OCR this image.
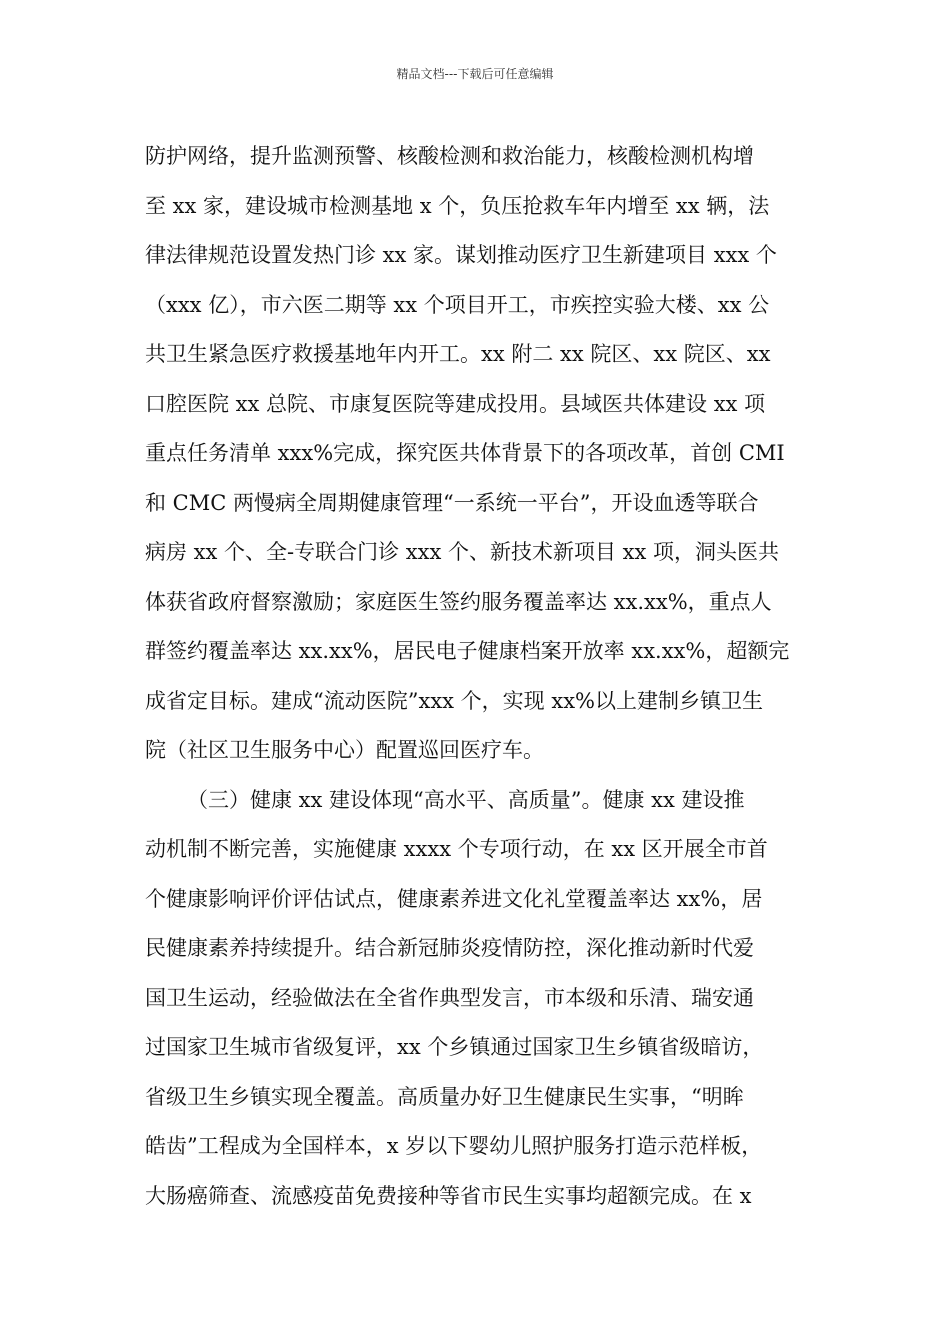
精品文档---下载后可任意编辑
防护网络，提升监测预警、核酸检测和救治能力，核酸检测机构增
至 xx 家，建设城市检测基地 x 个，负压抢救车年内增至 xx 辆，法
律法律规范设置发热门诊 xx 家。谋划推动医疗卫生新建项目 xxx 个
（xxx 亿），市六医二期等 xx 个项目开工，市疾控实验大楼、xx 公
共卫生紧急医疗救援基地年内开工。xx 附二 xx 院区、xx 院区、xx
口腔医院 xx 总院、市康复医院等建成投用。县域医共体建设 xx 项
重点任务清单 xxx%完成，探究医共体背景下的各项改革，首创 CMI
和 CMC 两慢病全周期健康管理“一系统一平台”，开设血透等联合
病房 xx 个、全-专联合门诊 xxx 个、新技术新项目 xx 项，洞头医共
体获省政府督察激励；家庭医生签约服务覆盖率达 xx.xx%，重点人
群签约覆盖率达 xx.xx%，居民电子健康档案开放率 xx.xx%，超额完
成省定目标。建成“流动医院”xxx 个，实现 xx%以上建制乡镇卫生
院（社区卫生服务中心）配置巡回医疗车。
（三）健康 xx 建设体现“高水平、高质量”。健康 xx 建设推
动机制不断完善，实施健康 xxxx 个专项行动，在 xx 区开展全市首
个健康影响评价评估试点，健康素养进文化礼堂覆盖率达 xx%，居
民健康素养持续提升。结合新冠肺炎疫情防控，深化推动新时代爱
国卫生运动，经验做法在全省作典型发言，市本级和乐清、瑞安通
过国家卫生城市省级复评，xx 个乡镇通过国家卫生乡镇省级暗访，
省级卫生乡镇实现全覆盖。高质量办好卫生健康民生实事，“明眸
皓齿”工程成为全国样本，x 岁以下婴幼儿照护服务打造示范样板，
大肠癌筛查、流感疫苗免费接种等省市民生实事均超额完成。在 x
